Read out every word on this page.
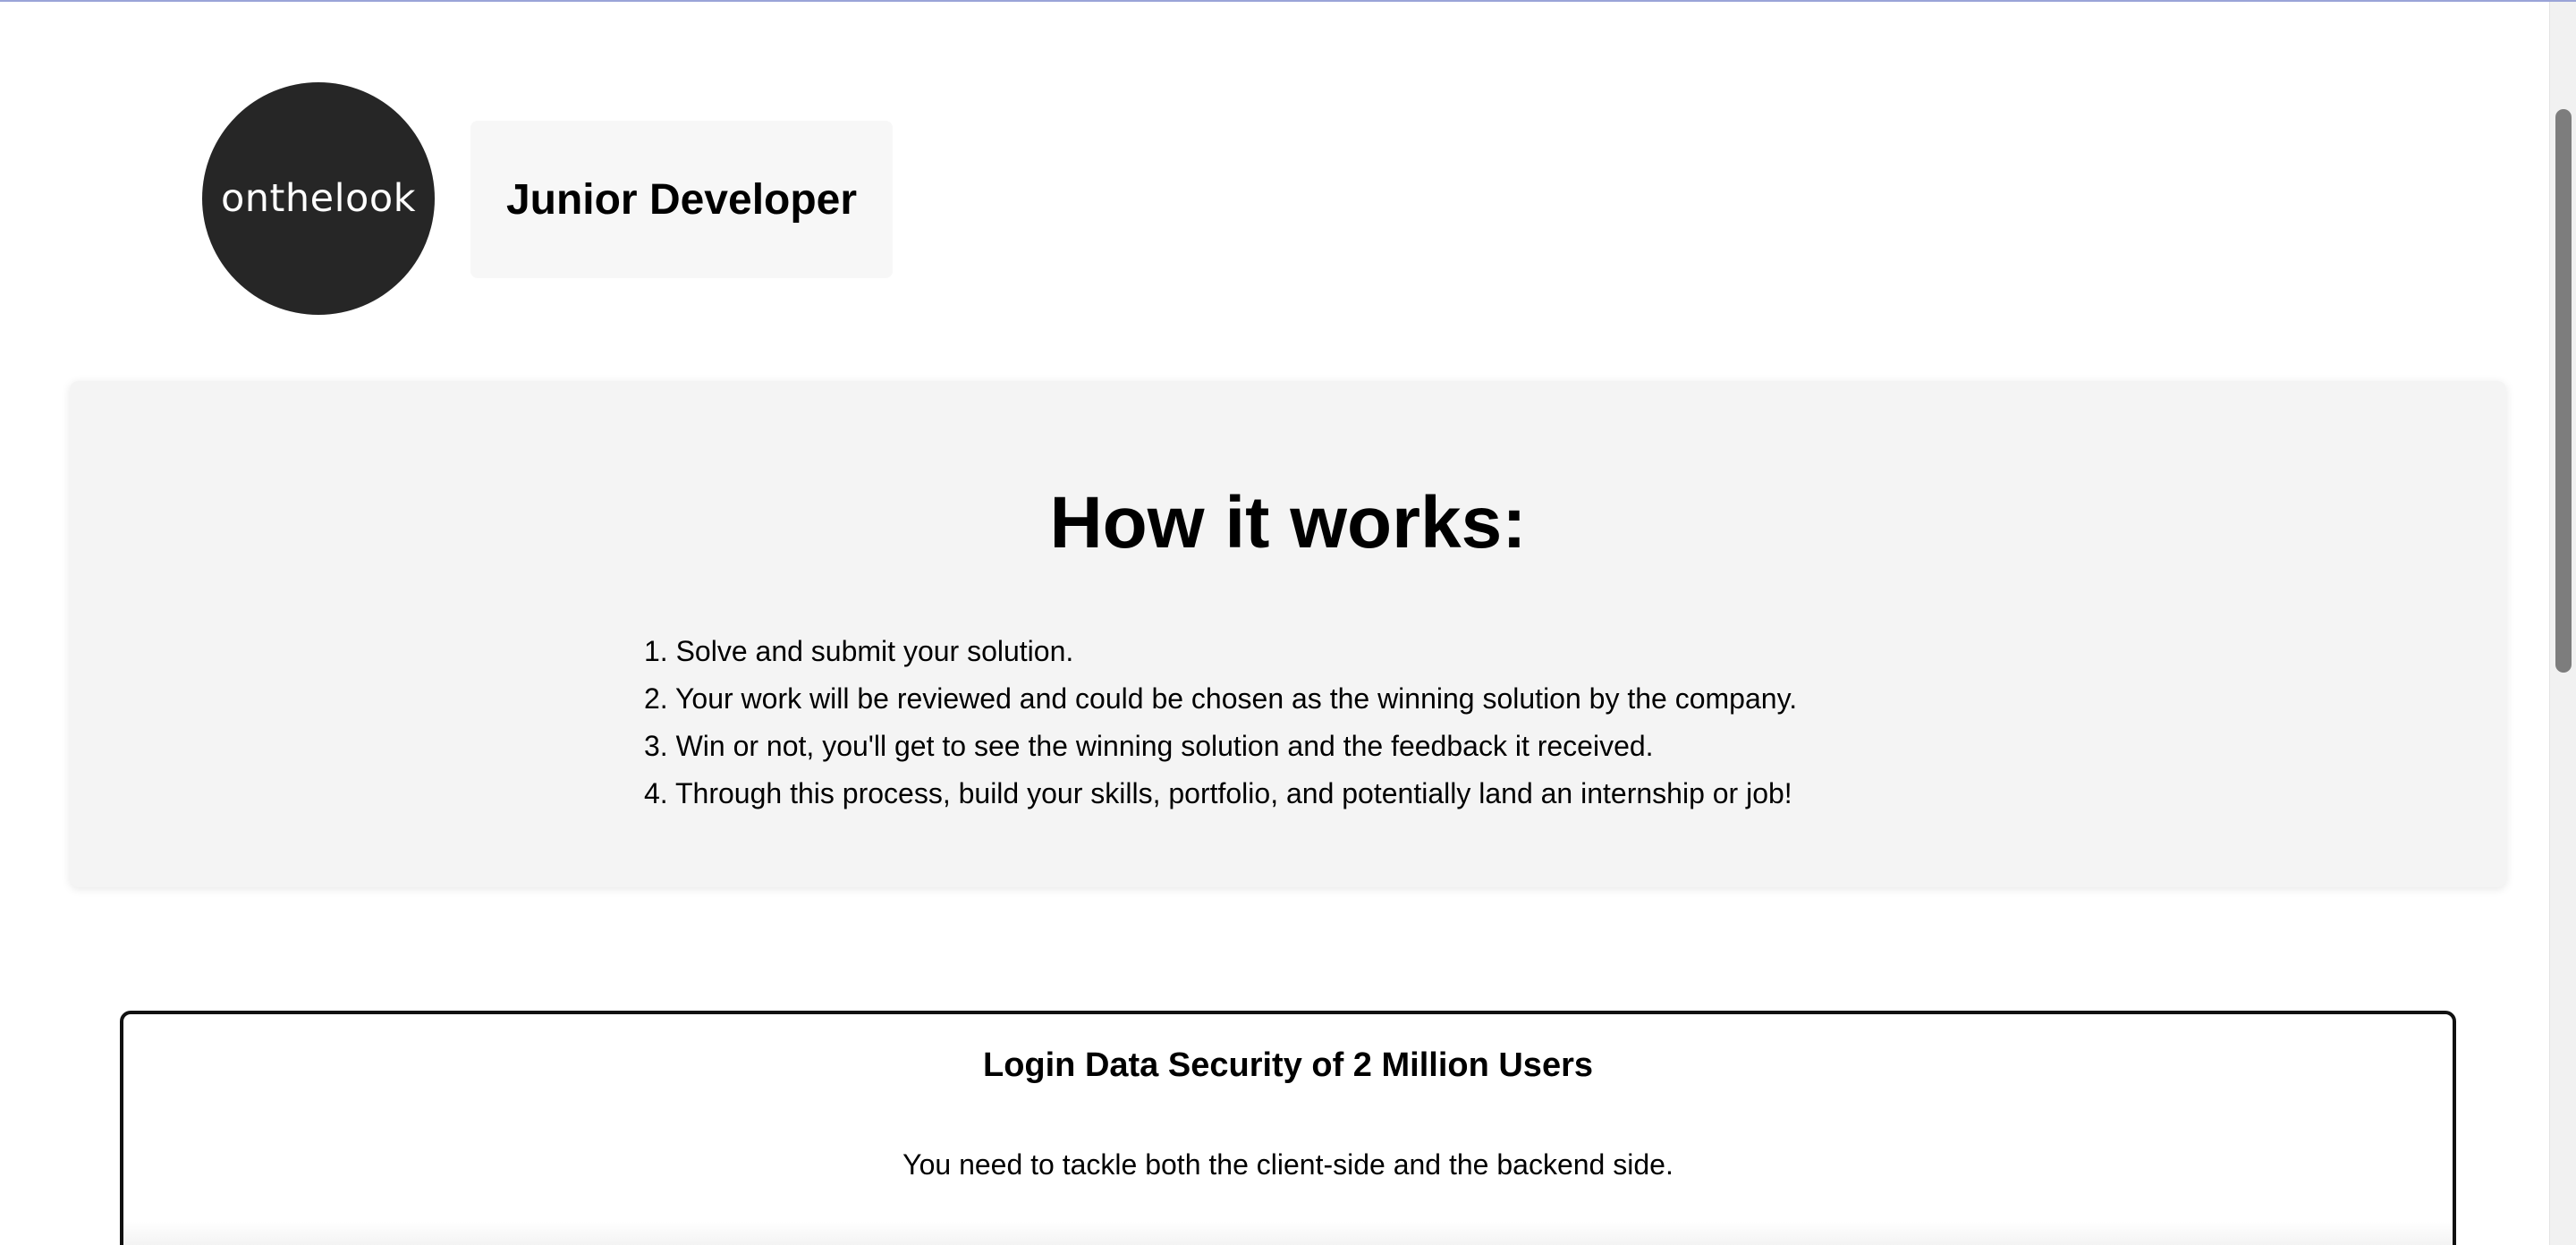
onthelook Junior Developer
How it works:
1. Solve and submit your solution.
2. Your work will be reviewed and could be chosen as the winning solution by the company.
3. Win or not, you'll get to see the winning solution and the feedback it received.
4. Through this process, build your skills, portfolio, and potentially land an internship or job!
Login Data Security of 2 Million Users

You need to tackle both the client-side and the backend side.
